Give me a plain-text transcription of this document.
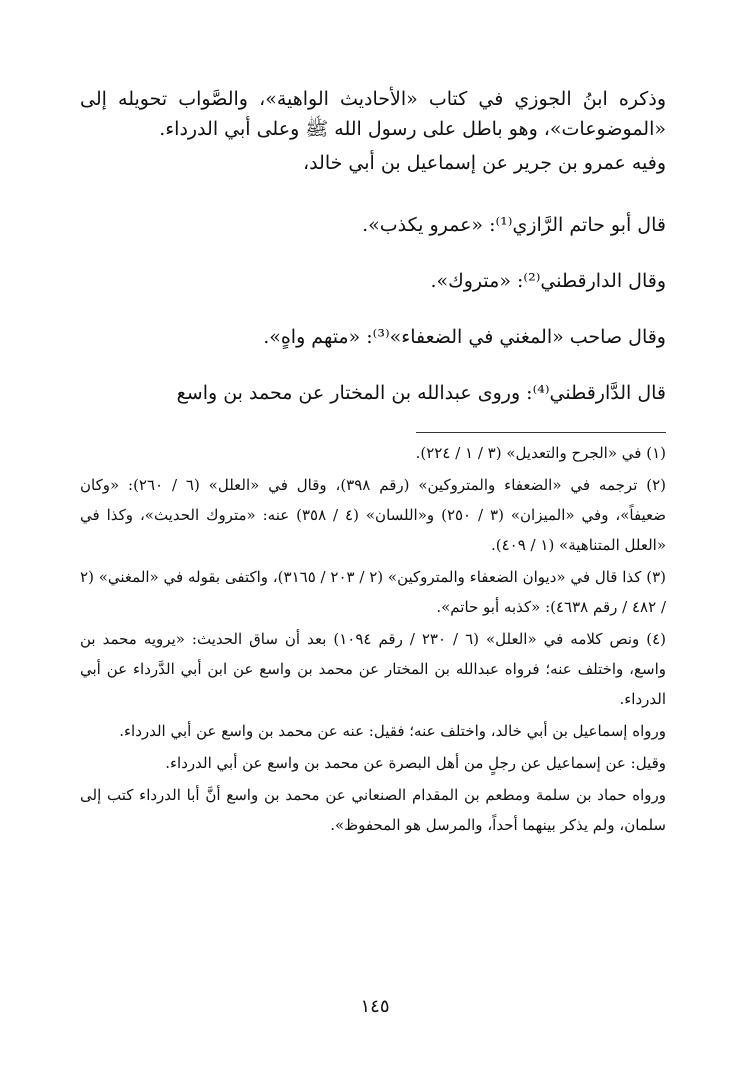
وذكره ابنُ الجوزي في كتاب «الأحاديث الواهية»، والصَّواب تحويله إلى «الموضوعات»، وهو باطل على رسول الله ﷺ وعلى أبي الدرداء.

وفيه عمرو بن جرير عن إسماعيل بن أبي خالد،

قال أبو حاتم الرَّازي⁽¹⁾: «عمرو يكذب».

وقال الدارقطني⁽²⁾: «متروك».

وقال صاحب «المغني في الضعفاء»⁽³⁾: «متهم واهٍ».

قال الدَّارقطني⁽⁴⁾: وروى عبدالله بن المختار عن محمد بن واسع

(١) في «الجرح والتعديل» (٣ / ١ / ٢٢٤).

(٢) ترجمه في «الضعفاء والمتروكين» (رقم ٣٩٨)، وقال في «العلل» (٦ / ٢٦٠): «وكان ضعيفاً»، وفي «الميزان» (٣ / ٢٥٠) و«اللسان» (٤ / ٣٥٨) عنه: «متروك الحديث»، وكذا في «العلل المتناهية» (١ / ٤٠٩).

(٣) كذا قال في «ديوان الضعفاء والمتروكين» (٢ / ٢٠٣ / ٣١٦٥)، واكتفى بقوله في «المغني» (٢ / ٤٨٢ / رقم ٤٦٣٨): «كذبه أبو حاتم».

(٤) ونص كلامه في «العلل» (٦ / ٢٣٠ / رقم ١٠٩٤) بعد أن ساق الحديث: «يرويه محمد بن واسع، واختلف عنه؛ فرواه عبدالله بن المختار عن محمد بن واسع عن ابن أبي الدَّرداء عن أبي الدرداء.

ورواه إسماعيل بن أبي خالد، واختلف عنه؛ فقيل: عنه عن محمد بن واسع عن أبي الدرداء.

وقيل: عن إسماعيل عن رجلٍ من أهل البصرة عن محمد بن واسع عن أبي الدرداء.

ورواه حماد بن سلمة ومطعم بن المقدام الصنعاني عن محمد بن واسع أنَّ أبا الدرداء كتب إلى سلمان، ولم يذكر بينهما أحداً، والمرسل هو المحفوظ».

١٤٥
